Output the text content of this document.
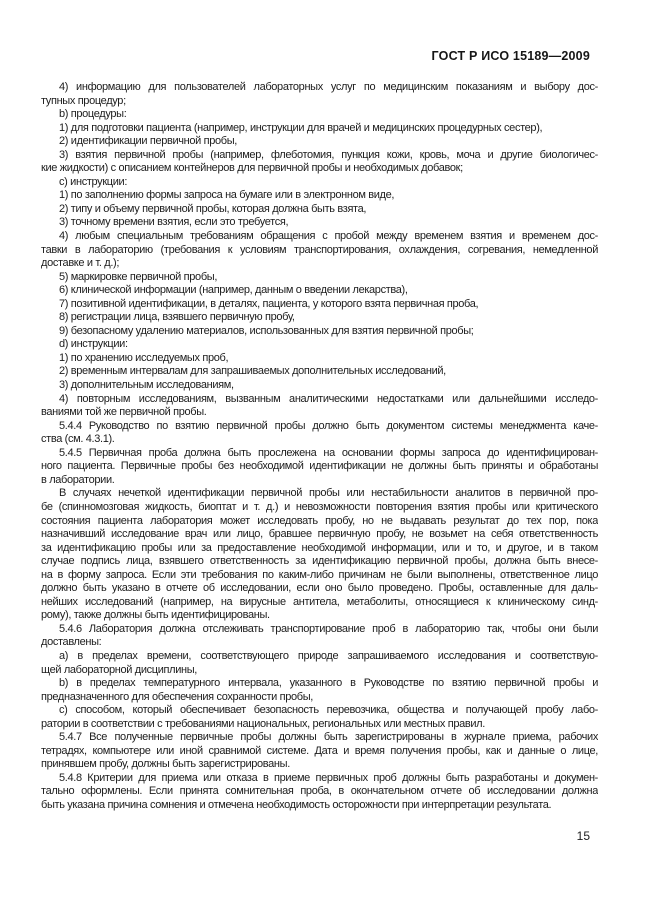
ГОСТ Р ИСО 15189—2009
4) информацию для пользователей лабораторных услуг по медицинским показаниям и выбору дос-
тупных процедур;
b) процедуры:
1) для подготовки пациента (например, инструкции для врачей и медицинских процедурных сестер),
2) идентификации первичной пробы,
3) взятия первичной пробы (например, флеботомия, пункция кожи, кровь, моча и другие биологичес-
кие жидкости) с описанием контейнеров для первичной пробы и необходимых добавок;
c) инструкции:
1) по заполнению формы запроса на бумаге или в электронном виде,
2) типу и объему первичной пробы, которая должна быть взята,
3) точному времени взятия, если это требуется,
4) любым специальным требованиям обращения с пробой между временем взятия и временем дос-
тавки в лабораторию (требования к условиям транспортирования, охлаждения, согревания, немедленной
доставке и т. д.);
5) маркировке первичной пробы,
6) клинической информации (например, данным о введении лекарства),
7) позитивной идентификации, в деталях, пациента, у которого взята первичная проба,
8) регистрации лица, взявшего первичную пробу,
9) безопасному удалению материалов, использованных для взятия первичной пробы;
d) инструкции:
1) по хранению исследуемых проб,
2) временным интервалам для запрашиваемых дополнительных исследований,
3) дополнительным исследованиям,
4) повторным исследованиям, вызванным аналитическими недостатками или дальнейшими исследо-
ваниями той же первичной пробы.
5.4.4 Руководство по взятию первичной пробы должно быть документом системы менеджмента каче-
ства (см. 4.3.1).
5.4.5 Первичная проба должна быть прослежена на основании формы запроса до идентифицирован-
ного пациента. Первичные пробы без необходимой идентификации не должны быть приняты и обработаны
в лаборатории.
В случаях нечеткой идентификации первичной пробы или нестабильности аналитов в первичной про-
бе (спинномозговая жидкость, биоптат и т. д.) и невозможности повторения взятия пробы или критического
состояния пациента лаборатория может исследовать пробу, но не выдавать результат до тех пор, пока
назначивший исследование врач или лицо, бравшее первичную пробу, не возьмет на себя ответственность
за идентификацию пробы или за предоставление необходимой информации, или и то, и другое, и в таком
случае подпись лица, взявшего ответственность за идентификацию первичной пробы, должна быть внесе-
на в форму запроса. Если эти требования по каким-либо причинам не были выполнены, ответственное лицо
должно быть указано в отчете об исследовании, если оно было проведено. Пробы, оставленные для даль-
нейших исследований (например, на вирусные антитела, метаболиты, относящиеся к клиническому синд-
рому), также должны быть идентифицированы.
5.4.6 Лаборатория должна отслеживать транспортирование проб в лабораторию так, чтобы они были
доставлены:
a) в пределах времени, соответствующего природе запрашиваемого исследования и соответствую-
щей лабораторной дисциплины,
b) в пределах температурного интервала, указанного в Руководстве по взятию первичной пробы и
предназначенного для обеспечения сохранности пробы,
c) способом, который обеспечивает безопасность перевозчика, общества и получающей пробу лабо-
ратории в соответствии с требованиями национальных, региональных или местных правил.
5.4.7 Все полученные первичные пробы должны быть зарегистрированы в журнале приема, рабочих
тетрадях, компьютере или иной сравнимой системе. Дата и время получения пробы, как и данные о лице,
принявшем пробу, должны быть зарегистрированы.
5.4.8 Критерии для приема или отказа в приеме первичных проб должны быть разработаны и докумен-
тально оформлены. Если принята сомнительная проба, в окончательном отчете об исследовании должна
быть указана причина сомнения и отмечена необходимость осторожности при интерпретации результата.
15
